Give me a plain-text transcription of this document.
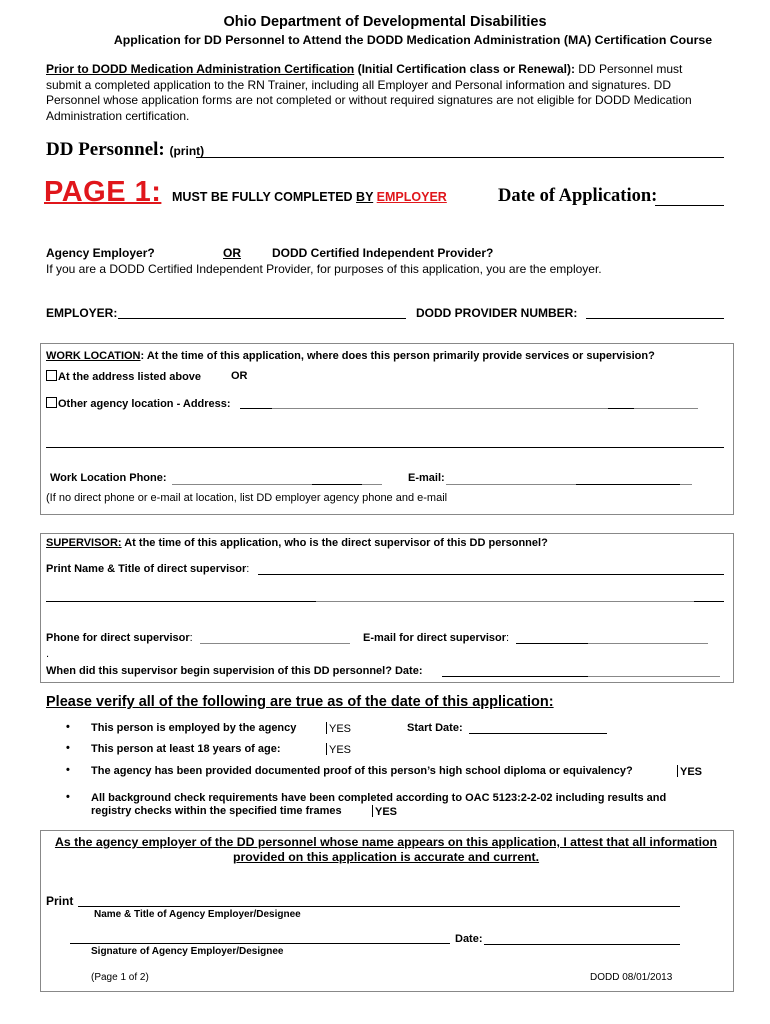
Ohio Department of Developmental Disabilities
Application for DD Personnel to Attend the DODD Medication Administration (MA) Certification Course
Prior to DODD Medication Administration Certification (Initial Certification class or Renewal): DD Personnel must
submit a completed application to the RN Trainer, including all Employer and Personal information and signatures. DD
Personnel whose application forms are not completed or without required signatures are not eligible for DODD Medication
Administration certification.
DD Personnel: (print)
PAGE 1: MUST BE FULLY COMPLETED BY EMPLOYER	Date of Application:
Agency Employer?	OR	DODD Certified Independent Provider?
If you are a DODD Certified Independent Provider, for purposes of this application, you are the employer.
EMPLOYER:	DODD PROVIDER NUMBER:
WORK LOCATION: At the time of this application, where does this person primarily provide services or supervision?
At the address listed above	OR
Other agency location - Address:
Work Location Phone:	E-mail:
(If no direct phone or e-mail at location, list DD employer agency phone and e-mail
SUPERVISOR: At the time of this application, who is the direct supervisor of this DD personnel?
Print Name & Title of direct supervisor:
Phone for direct supervisor:	E-mail for direct supervisor:
.
When did this supervisor begin supervision of this DD personnel? Date:
Please verify all of the following are true as of the date of this application:
• This person is employed by the agency	YES	Start Date:
• This person at least 18 years of age:	YES
• The agency has been provided documented proof of this person’s high school diploma or equivalency?	YES
• All background check requirements have been completed according to OAC 5123:2-2-02 including results and
registry checks within the specified time frames	YES
As the agency employer of the DD personnel whose name appears on this application, I attest that all information
provided on this application is accurate and current.
Print
Name & Title of Agency Employer/Designee
Date:
Signature of Agency Employer/Designee
(Page 1 of 2)	DODD 08/01/2013
